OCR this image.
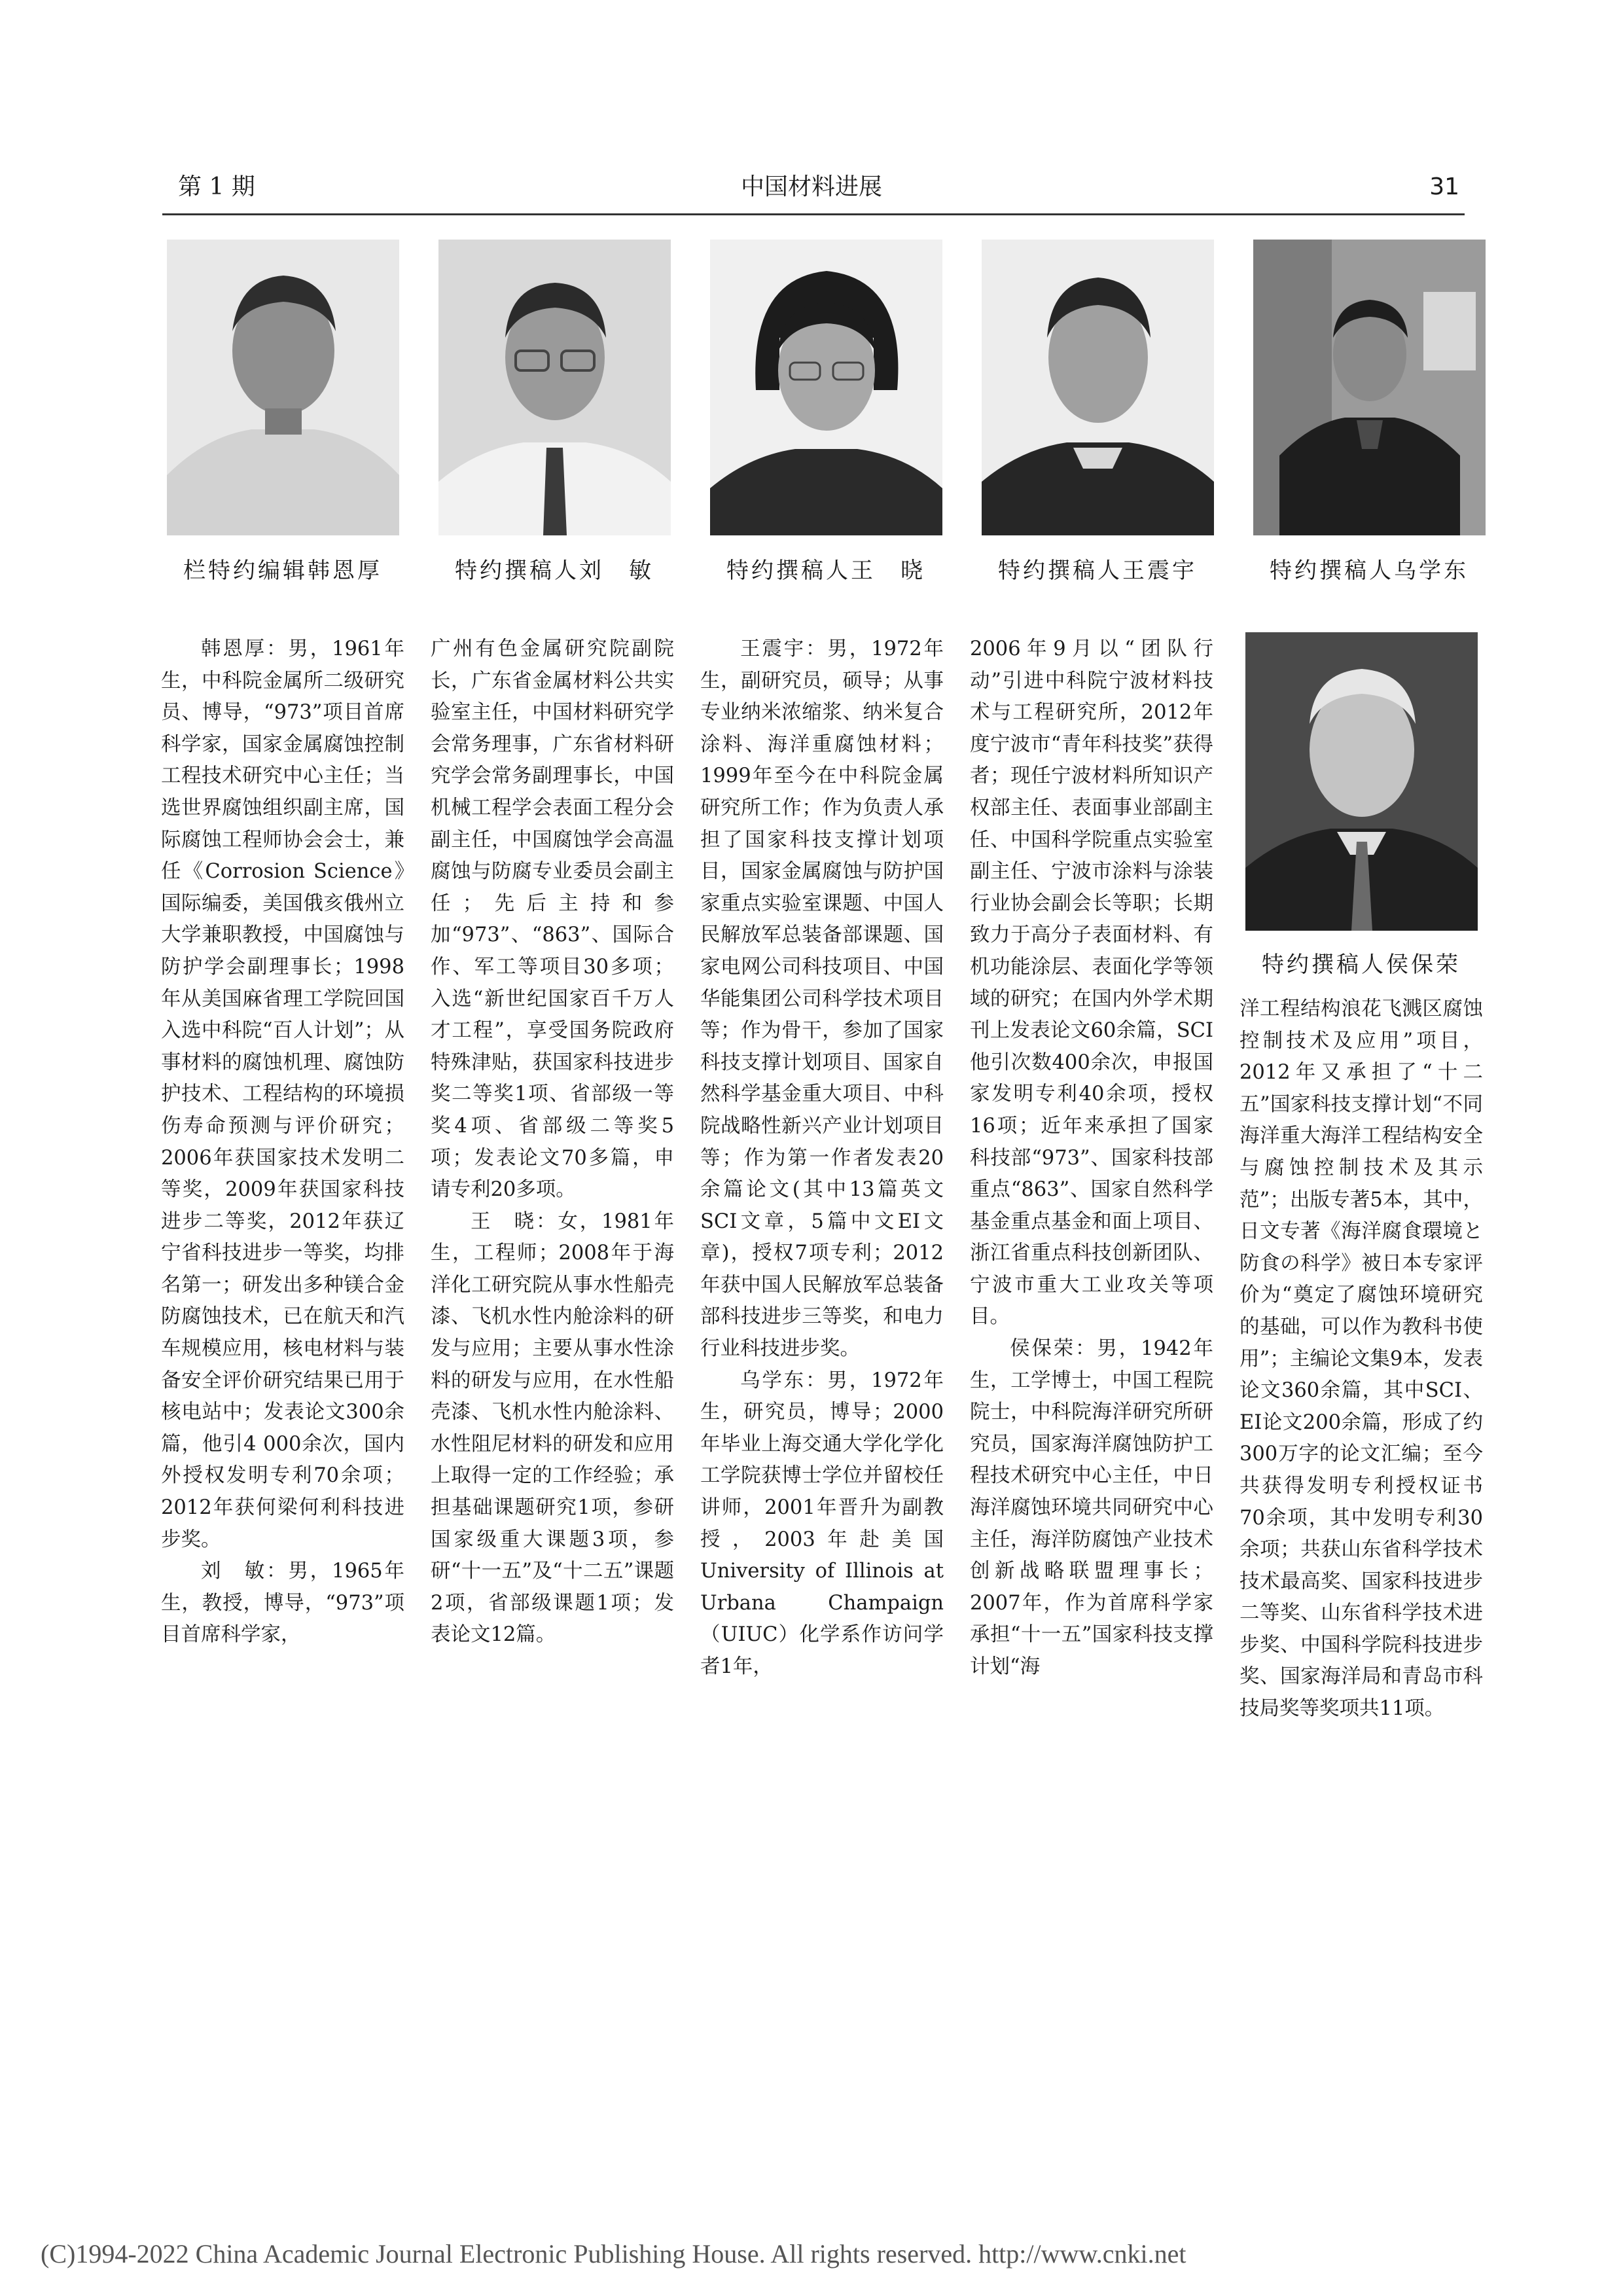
第 1 期	中国材料进展	31
栏特约编辑韩恩厚	特约撰稿人刘　敏	特约撰稿人王　晓	特约撰稿人王震宇	特约撰稿人乌学东
特约撰稿人侯保荣

韩恩厚：男，1961年生，中科院金属所二级研究员、博导，“973”项目首席科学家，国家金属腐蚀控制工程技术研究中心主任；当选世界腐蚀组织副主席，国际腐蚀工程师协会会士，兼任《Corrosion Science》国际编委，美国俄亥俄州立大学兼职教授，中国腐蚀与防护学会副理事长；1998年从美国麻省理工学院回国入选中科院“百人计划”；从事材料的腐蚀机理、腐蚀防护技术、工程结构的环境损伤寿命预测与评价研究；2006年获国家技术发明二等奖，2009年获国家科技进步二等奖，2012年获辽宁省科技进步一等奖，均排名第一；研发出多种镁合金防腐蚀技术，已在航天和汽车规模应用，核电材料与装备安全评价研究结果已用于核电站中；发表论文300余篇，他引4 000余次，国内外授权发明专利70余项；2012年获何梁何利科技进步奖。

刘　敏：男，1965年生，教授，博导，“973”项目首席科学家，

广州有色金属研究院副院长，广东省金属材料公共实验室主任，中国材料研究学会常务理事，广东省材料研究学会常务副理事长，中国机械工程学会表面工程分会副主任，中国腐蚀学会高温腐蚀与防腐专业委员会副主任；先后主持和参加“973”、“863”、国际合作、军工等项目30多项；入选“新世纪国家百千万人才工程”，享受国务院政府特殊津贴，获国家科技进步奖二等奖1项、省部级一等奖4项、省部级二等奖5项；发表论文70多篇，申请专利20多项。

王　晓：女，1981年生，工程师；2008年于海洋化工研究院从事水性船壳漆、飞机水性内舱涂料的研发与应用；主要从事水性涂料的研发与应用，在水性船壳漆、飞机水性内舱涂料、水性阻尼材料的研发和应用上取得一定的工作经验；承担基础课题研究1项，参研国家级重大课题3项，参研“十一五”及“十二五”课题2项，省部级课题1项；发表论文12篇。

王震宇：男，1972年生，副研究员，硕导；从事专业纳米浓缩浆、纳米复合涂料、海洋重腐蚀材料；1999年至今在中科院金属研究所工作；作为负责人承担了国家科技支撑计划项目，国家金属腐蚀与防护国家重点实验室课题、中国人民解放军总装备部课题、国家电网公司科技项目、中国华能集团公司科学技术项目等；作为骨干，参加了国家科技支撑计划项目、国家自然科学基金重大项目、中科院战略性新兴产业计划项目等；作为第一作者发表20余篇论文(其中13篇英文SCI文章，5篇中文EI文章)，授权7项专利；2012年获中国人民解放军总装备部科技进步三等奖，和电力行业科技进步奖。

乌学东：男，1972年生，研究员，博导；2000年毕业上海交通大学化学化工学院获博士学位并留校任讲师，2001年晋升为副教授，2003年赴美国University of Illinois at Urbana Champaign（UIUC）化学系作访问学者1年，

2006年9月以“团队行动”引进中科院宁波材料技术与工程研究所，2012年度宁波市“青年科技奖”获得者；现任宁波材料所知识产权部主任、表面事业部副主任、中国科学院重点实验室副主任、宁波市涂料与涂装行业协会副会长等职；长期致力于高分子表面材料、有机功能涂层、表面化学等领域的研究；在国内外学术期刊上发表论文60余篇，SCI他引次数400余次，申报国家发明专利40余项，授权16项；近年来承担了国家科技部“973”、国家科技部重点“863”、国家自然科学基金重点基金和面上项目、浙江省重点科技创新团队、宁波市重大工业攻关等项目。

侯保荣：男，1942年生，工学博士，中国工程院院士，中科院海洋研究所研究员，国家海洋腐蚀防护工程技术研究中心主任，中日海洋腐蚀环境共同研究中心主任，海洋防腐蚀产业技术创新战略联盟理事长；2007年，作为首席科学家承担“十一五”国家科技支撑计划“海

洋工程结构浪花飞溅区腐蚀控制技术及应用”项目，2012年又承担了“十二五”国家科技支撑计划“不同海洋重大海洋工程结构安全与腐蚀控制技术及其示范”；出版专著5本，其中，日文专著《海洋腐食環境と防食の科学》被日本专家评价为“奠定了腐蚀环境研究的基础，可以作为教科书使用”；主编论文集9本，发表论文360余篇，其中SCI、EI论文200余篇，形成了约300万字的论文汇编；至今共获得发明专利授权证书70余项，其中发明专利30余项；共获山东省科学技术技术最高奖、国家科技进步二等奖、山东省科学技术进步奖、中国科学院科技进步奖、国家海洋局和青岛市科技局奖等奖项共11项。

(C)1994-2022 China Academic Journal Electronic Publishing House. All rights reserved. http://www.cnki.net
